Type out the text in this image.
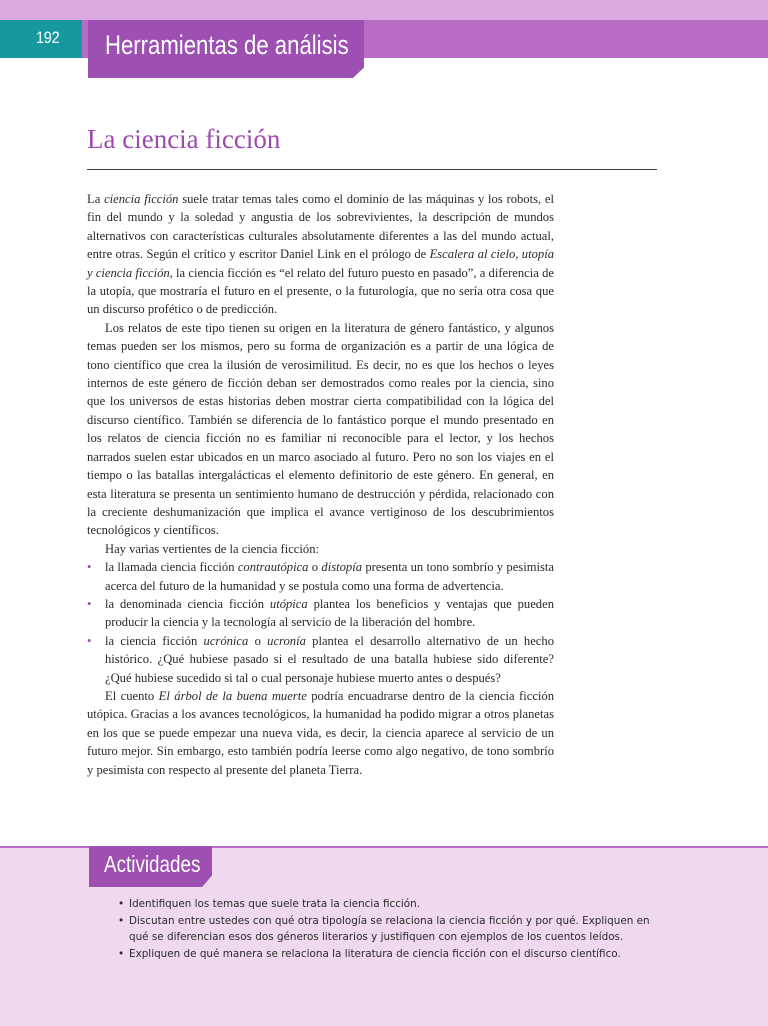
192	Herramientas de análisis
La ciencia ficción

La ciencia ficción suele tratar temas tales como el dominio de las máquinas y los robots, el fin del mundo y la soledad y angustia de los sobrevivientes, la descripción de mundos alternativos con características culturales absolutamente diferentes a las del mundo actual, entre otras. Según el crítico y escritor Daniel Link en el prólogo de Escalera al cielo, utopía y ciencia ficción, la ciencia ficción es “el relato del futuro puesto en pasado”, a diferencia de la utopía, que mostraría el futuro en el presente, o la futurología, que no sería otra cosa que un discurso profético o de predicción.

Los relatos de este tipo tienen su origen en la literatura de género fantástico, y algunos temas pueden ser los mismos, pero su forma de organización es a partir de una lógica de tono científico que crea la ilusión de verosimilitud. Es decir, no es que los hechos o leyes internos de este género de ficción deban ser demostrados como reales por la ciencia, sino que los universos de estas historias deben mostrar cierta compatibilidad con la lógica del discurso científico. También se diferencia de lo fantástico porque el mundo presentado en los relatos de ciencia ficción no es familiar ni reconocible para el lector, y los hechos narrados suelen estar ubicados en un marco asociado al futuro. Pero no son los viajes en el tiempo o las batallas intergalácticas el elemento definitorio de este género. En general, en esta literatura se presenta un sentimiento humano de destrucción y pérdida, relacionado con la creciente deshumanización que implica el avance vertiginoso de los descubrimientos tecnológicos y científicos.

Hay varias vertientes de la ciencia ficción:

• la llamada ciencia ficción contrautópica o distopía presenta un tono sombrío y pesimista acerca del futuro de la humanidad y se postula como una forma de advertencia.
• la denominada ciencia ficción utópica plantea los beneficios y ventajas que pueden producir la ciencia y la tecnología al servicio de la liberación del hombre.
• la ciencia ficción ucrónica o ucronía plantea el desarrollo alternativo de un hecho histórico. ¿Qué hubiese pasado si el resultado de una batalla hubiese sido diferente? ¿Qué hubiese sucedido si tal o cual personaje hubiese muerto antes o después?

El cuento El árbol de la buena muerte podría encuadrarse dentro de la ciencia ficción utópica. Gracias a los avances tecnológicos, la humanidad ha podido migrar a otros planetas en los que se puede empezar una nueva vida, es decir, la ciencia aparece al servicio de un futuro mejor. Sin embargo, esto también podría leerse como algo negativo, de tono sombrío y pesimista con respecto al presente del planeta Tierra.

Actividades
• Identifiquen los temas que suele trata la ciencia ficción.
• Discutan entre ustedes con qué otra tipología se relaciona la ciencia ficción y por qué. Expliquen en qué se diferencian esos dos géneros literarios y justifiquen con ejemplos de los cuentos leídos.
• Expliquen de qué manera se relaciona la literatura de ciencia ficción con el discurso científico.
